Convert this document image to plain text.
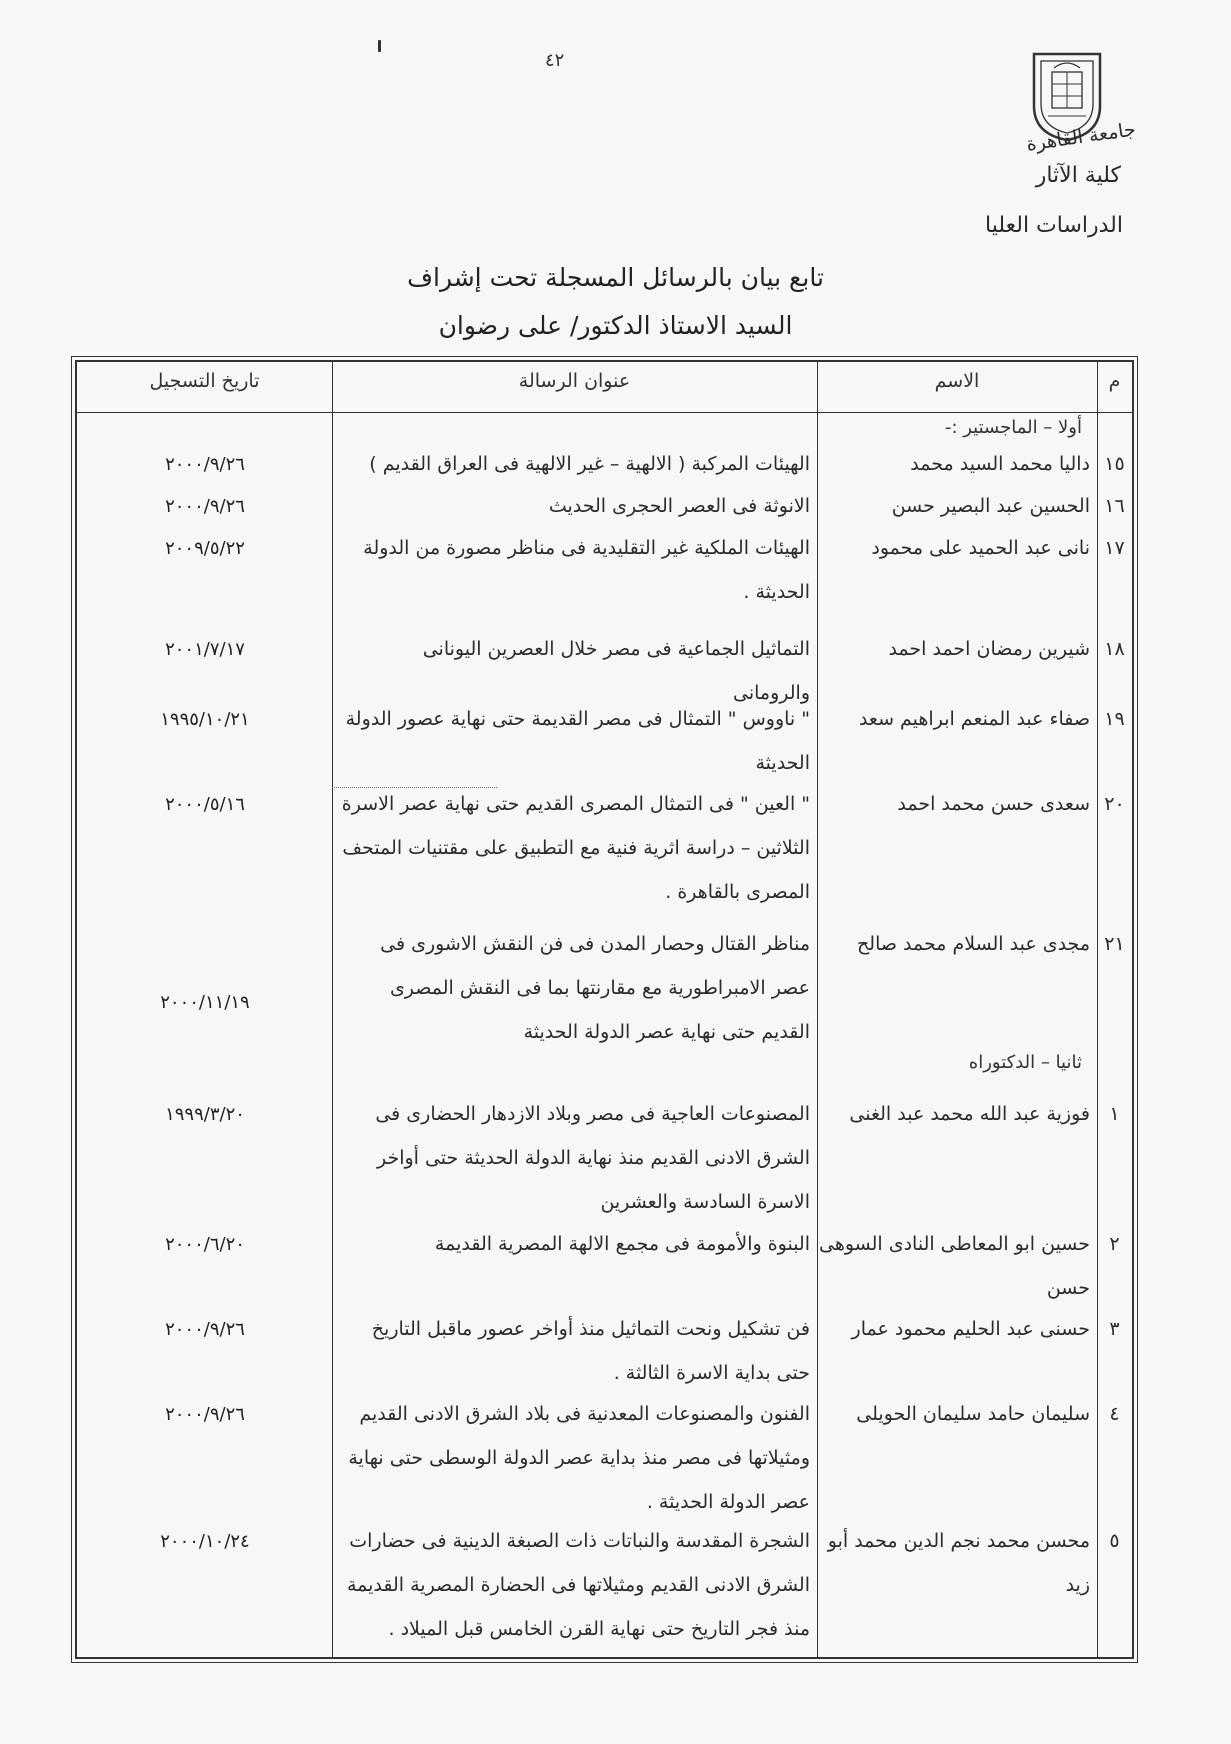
٤٢
جامعة القاهرة
كلية الآثار
الدراسات العليا
تابع بيان بالرسائل المسجلة تحت إشراف
السيد الاستاذ الدكتور/ على رضوان
م
الاسم
عنوان الرسالة
تاريخ التسجيل
أولا – الماجستير :-
١٥
داليا محمد السيد محمد
الهيئات المركبة ( الالهية – غير الالهية فى العراق القديم )
٢٠٠٠/٩/٢٦
١٦
الحسين عبد البصير حسن
الانوثة فى العصر الحجرى الحديث
٢٠٠٠/٩/٢٦
١٧
نانى عبد الحميد على محمود
الهيئات الملكية غير التقليدية فى مناظر مصورة من الدولة الحديثة .
٢٠٠٩/٥/٢٢
١٨
شيرين رمضان احمد احمد
التماثيل الجماعية فى مصر خلال العصرين اليونانى والرومانى
٢٠٠١/٧/١٧
١٩
صفاء عبد المنعم ابراهيم سعد
" ناووس " التمثال فى مصر القديمة حتى نهاية عصور الدولة الحديثة
١٩٩٥/١٠/٢١
٢٠
سعدى حسن محمد احمد
" العين " فى التمثال المصرى القديم حتى نهاية عصر الاسرة الثلاثين – دراسة اثرية فنية مع التطبيق على مقتنيات المتحف المصرى بالقاهرة .
٢٠٠٠/٥/١٦
٢١
مجدى عبد السلام محمد صالح
مناظر القتال وحصار المدن فى فن النقش الاشورى فى عصر الامبراطورية مع مقارنتها بما فى النقش المصرى القديم حتى نهاية عصر الدولة الحديثة
٢٠٠٠/١١/١٩
ثانيا – الدكتوراه
١
فوزية عبد الله محمد عبد الغنى
المصنوعات العاجية فى مصر وبلاد الازدهار الحضارى فى الشرق الادنى القديم منذ نهاية الدولة الحديثة حتى أواخر الاسرة السادسة والعشرين
١٩٩٩/٣/٢٠
٢
حسين ابو المعاطى النادى السوهى حسن
البنوة والأمومة فى مجمع الالهة المصرية القديمة
٢٠٠٠/٦/٢٠
٣
حسنى عبد الحليم محمود عمار
فن تشكيل ونحت التماثيل منذ أواخر عصور ماقبل التاريخ حتى بداية الاسرة الثالثة .
٢٠٠٠/٩/٢٦
٤
سليمان حامد سليمان الحويلى
الفنون والمصنوعات المعدنية فى بلاد الشرق الادنى القديم ومثيلاتها فى مصر منذ بداية عصر الدولة الوسطى حتى نهاية عصر الدولة الحديثة .
٢٠٠٠/٩/٢٦
٥
محسن محمد نجم الدين محمد أبو زيد
الشجرة المقدسة والنباتات ذات الصبغة الدينية فى حضارات الشرق الادنى القديم ومثيلاتها فى الحضارة المصرية القديمة منذ فجر التاريخ حتى نهاية القرن الخامس قبل الميلاد .
٢٠٠٠/١٠/٢٤
